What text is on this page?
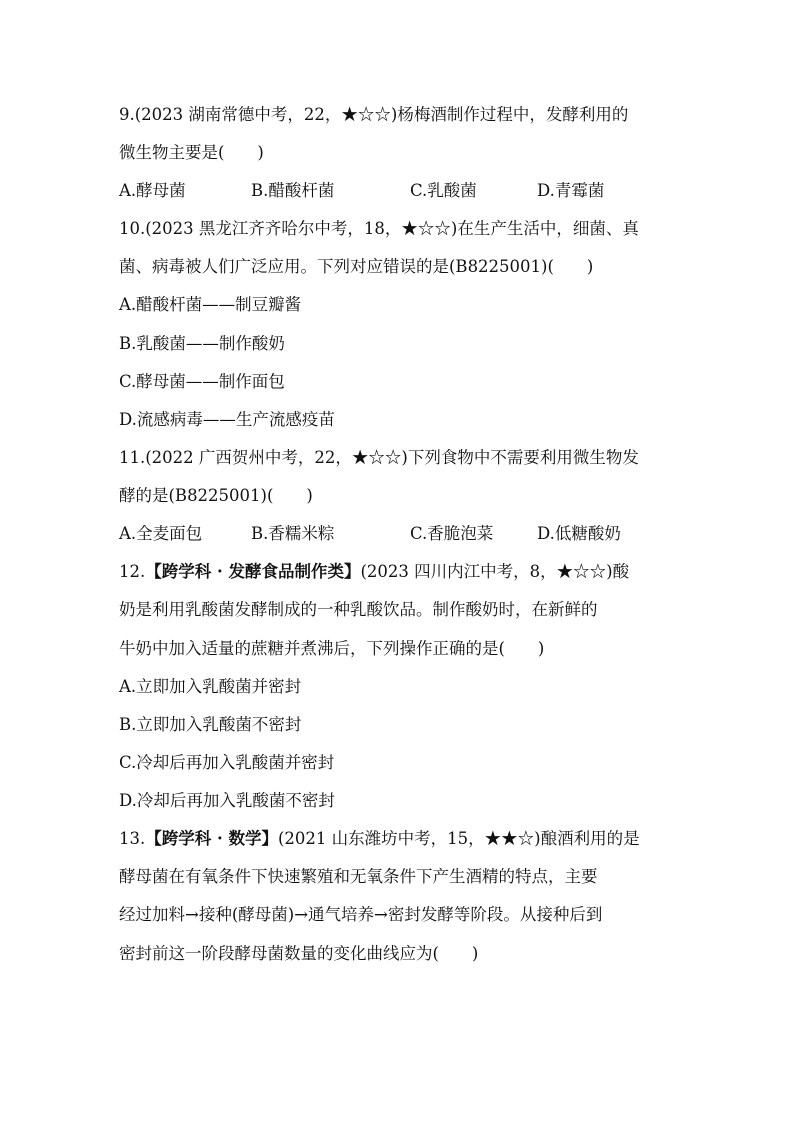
9.(2023 湖南常德中考，22，★☆☆)杨梅酒制作过程中，发酵利用的
微生物主要是(　　)
A.酵母菌	B.醋酸杆菌	C.乳酸菌	D.青霉菌
10.(2023 黑龙江齐齐哈尔中考，18，★☆☆)在生产生活中，细菌、真
菌、病毒被人们广泛应用。下列对应错误的是(B8225001)(　　)
A.醋酸杆菌——制豆瓣酱
B.乳酸菌——制作酸奶
C.酵母菌——制作面包
D.流感病毒——生产流感疫苗
11.(2022 广西贺州中考，22，★☆☆)下列食物中不需要利用微生物发
酵的是(B8225001)(　　)
A.全麦面包	B.香糯米粽	C.香脆泡菜	D.低糖酸奶
12.【跨学科 · 发酵食品制作类】(2023 四川内江中考，8，★☆☆)酸
奶是利用乳酸菌发酵制成的一种乳酸饮品。制作酸奶时，在新鲜的
牛奶中加入适量的蔗糖并煮沸后，下列操作正确的是(　　)
A.立即加入乳酸菌并密封
B.立即加入乳酸菌不密封
C.冷却后再加入乳酸菌并密封
D.冷却后再加入乳酸菌不密封
13.【跨学科 · 数学】(2021 山东潍坊中考，15，★★☆)酿酒利用的是
酵母菌在有氧条件下快速繁殖和无氧条件下产生酒精的特点，主要
经过加料→接种(酵母菌)→通气培养→密封发酵等阶段。从接种后到
密封前这一阶段酵母菌数量的变化曲线应为(　　)
